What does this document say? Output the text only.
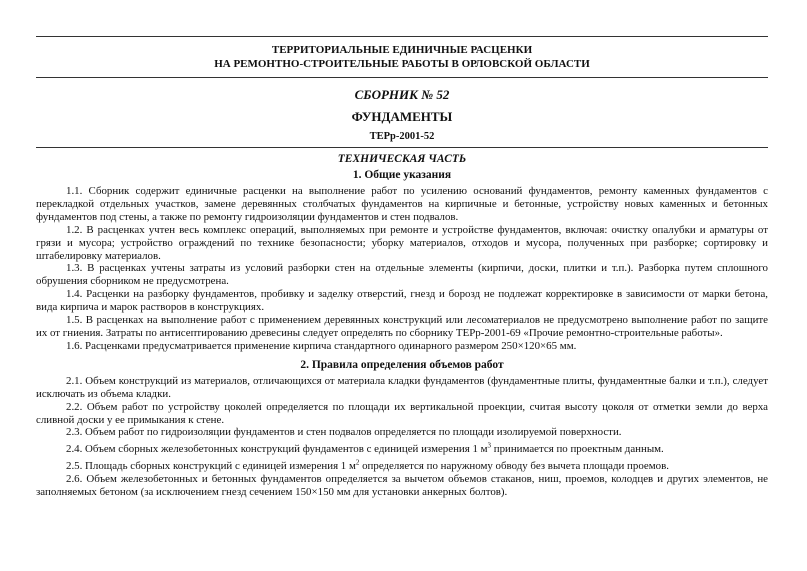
ТЕРРИТОРИАЛЬНЫЕ ЕДИНИЧНЫЕ РАСЦЕНКИ
НА РЕМОНТНО-СТРОИТЕЛЬНЫЕ РАБОТЫ В ОРЛОВСКОЙ ОБЛАСТИ
СБОРНИК № 52
ФУНДАМЕНТЫ
ТЕРр-2001-52
ТЕХНИЧЕСКАЯ ЧАСТЬ
1. Общие указания

1.1. Сборник содержит единичные расценки на выполнение работ по усилению оснований фундаментов, ремонту каменных фундаментов с перекладкой отдельных участков, замене деревянных столбчатых фундаментов на кирпичные и бетонные, устройству новых каменных и бетонных фундаментов под стены, а также по ремонту гидроизоляции фундаментов и стен подвалов.

1.2. В расценках учтен весь комплекс операций, выполняемых при ремонте и устройстве фундаментов, включая: очистку опалубки и арматуры от грязи и мусора; устройство ограждений по технике безопасности; уборку материалов, отходов и мусора, полученных при разборке; сортировку и штабелировку материалов.

1.3. В расценках учтены затраты из условий разборки стен на отдельные элементы (кирпичи, доски, плитки и т.п.). Разборка путем сплошного обрушения сборником не предусмотрена.

1.4. Расценки на разборку фундаментов, пробивку и заделку отверстий, гнезд и борозд не подлежат корректировке в зависимости от марки бетона, вида кирпича и марок растворов в конструкциях.

1.5. В расценках на выполнение работ с применением деревянных конструкций или лесоматериалов не предусмотрено выполнение работ по защите их от гниения. Затраты по антисептированию древесины следует определять по сборнику ТЕРр-2001-69 «Прочие ремонтно-строительные работы».

1.6. Расценками предусматривается применение кирпича стандартного одинарного размером 250×120×65 мм.

2. Правила определения объемов работ

2.1. Объем конструкций из материалов, отличающихся от материала кладки фундаментов (фундаментные плиты, фундаментные балки и т.п.), следует исключать из объема кладки.

2.2. Объем работ по устройству цоколей определяется по площади их вертикальной проекции, считая высоту цоколя от отметки земли до верха сливной доски у ее примыкания к стене.

2.3. Объем работ по гидроизоляции фундаментов и стен подвалов определяется по площади изолируемой поверхности.

2.4. Объем сборных железобетонных конструкций фундаментов с единицей измерения 1 $м^3$ принимается по проектным данным.

2.5. Площадь сборных конструкций с единицей измерения 1 $м^2$ определяется по наружному обводу без вычета площади проемов.

2.6. Объем железобетонных и бетонных фундаментов определяется за вычетом объемов стаканов, ниш, проемов, колодцев и других элементов, не заполняемых бетоном (за исключением гнезд сечением 150×150 мм для установки анкерных болтов).
